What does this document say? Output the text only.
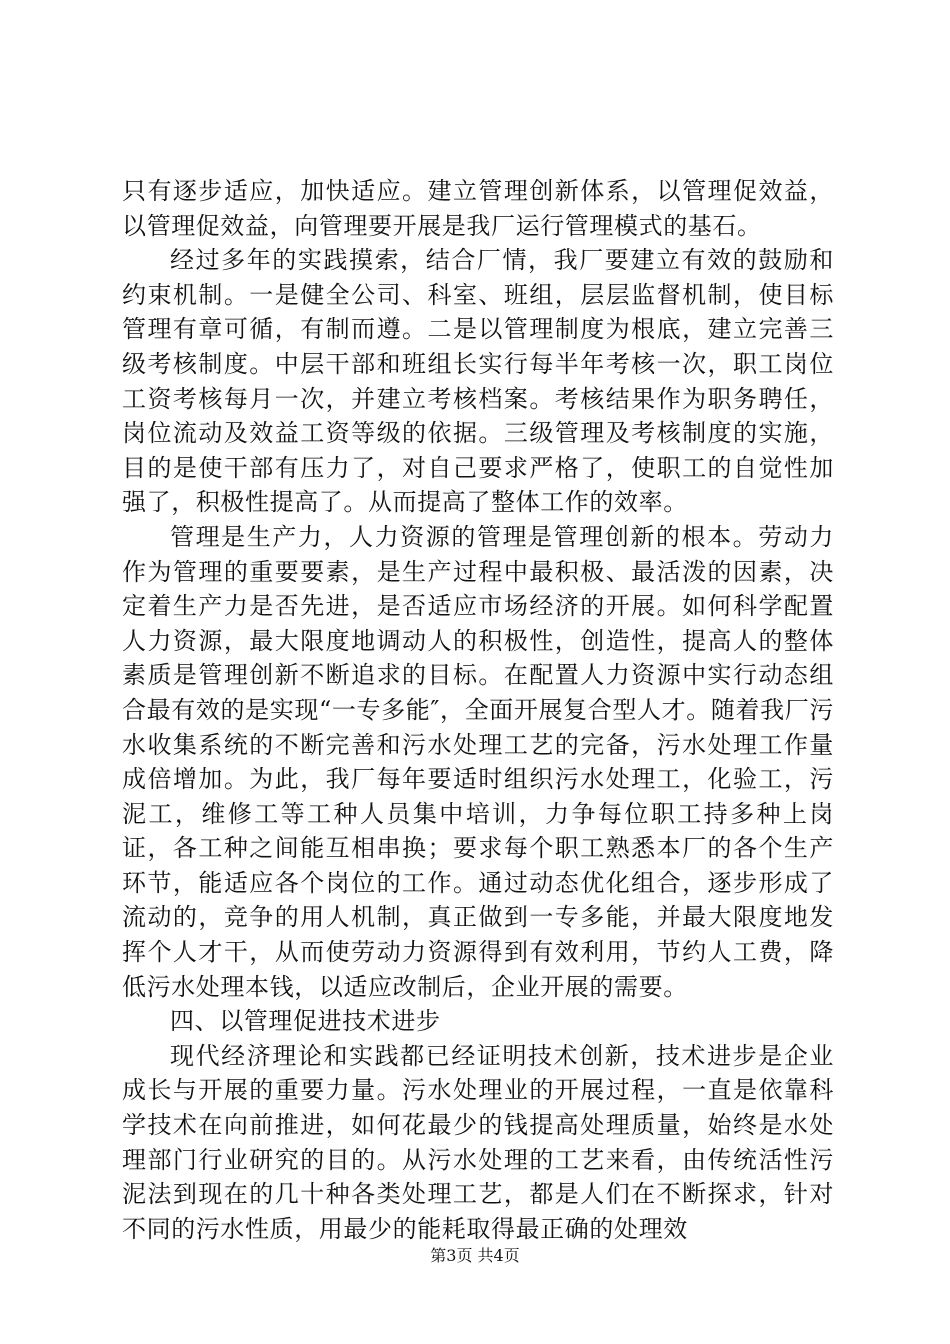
只有逐步适应，加快适应。建立管理创新体系，以管理促效益，以管理促效益，向管理要开展是我厂运行管理模式的基石。

经过多年的实践摸索，结合厂情，我厂要建立有效的鼓励和约束机制。一是健全公司、科室、班组，层层监督机制，使目标管理有章可循，有制而遵。二是以管理制度为根底，建立完善三级考核制度。中层干部和班组长实行每半年考核一次，职工岗位工资考核每月一次，并建立考核档案。考核结果作为职务聘任，岗位流动及效益工资等级的依据。三级管理及考核制度的实施，目的是使干部有压力了，对自己要求严格了，使职工的自觉性加强了，积极性提高了。从而提高了整体工作的效率。

管理是生产力，人力资源的管理是管理创新的根本。劳动力作为管理的重要要素，是生产过程中最积极、最活泼的因素，决定着生产力是否先进，是否适应市场经济的开展。如何科学配置人力资源，最大限度地调动人的积极性，创造性，提高人的整体素质是管理创新不断追求的目标。在配置人力资源中实行动态组合最有效的是实现“一专多能″，全面开展复合型人才。随着我厂污水收集系统的不断完善和污水处理工艺的完备，污水处理工作量成倍增加。为此，我厂每年要适时组织污水处理工，化验工，污泥工，维修工等工种人员集中培训，力争每位职工持多种上岗证，各工种之间能互相串换；要求每个职工熟悉本厂的各个生产环节，能适应各个岗位的工作。通过动态优化组合，逐步形成了流动的，竞争的用人机制，真正做到一专多能，并最大限度地发挥个人才干，从而使劳动力资源得到有效利用，节约人工费，降低污水处理本钱，以适应改制后，企业开展的需要。

四、以管理促进技术进步

现代经济理论和实践都已经证明技术创新，技术进步是企业成长与开展的重要力量。污水处理业的开展过程，一直是依靠科学技术在向前推进，如何花最少的钱提高处理质量，始终是水处理部门行业研究的目的。从污水处理的工艺来看，由传统活性污泥法到现在的几十种各类处理工艺，都是人们在不断探求，针对不同的污水性质，用最少的能耗取得最正确的处理效

第3页 共4页
